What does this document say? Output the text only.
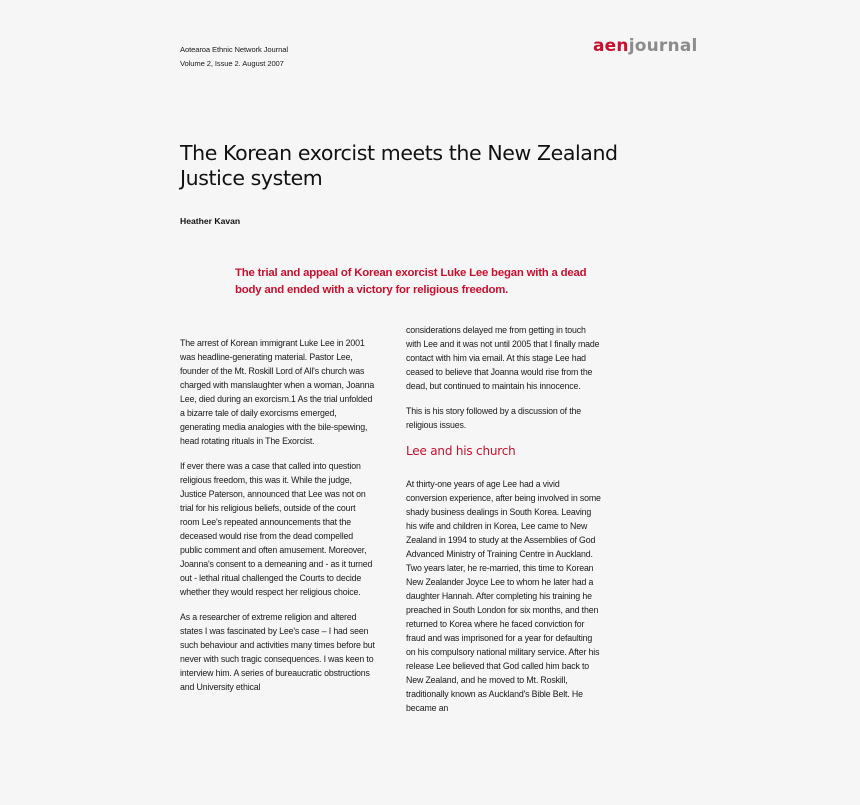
Aotearoa Ethnic Network Journal
Volume 2, Issue 2. August 2007
aenjournal
The Korean exorcist meets the New Zealand Justice system
Heather Kavan

The trial and appeal of Korean exorcist Luke Lee began with a dead body and ended with a victory for religious freedom.

The arrest of Korean immigrant Luke Lee in 2001 was headline-generating material. Pastor Lee, founder of the Mt. Roskill Lord of All's church was charged with manslaughter when a woman, Joanna Lee, died during an exorcism.1 As the trial unfolded a bizarre tale of daily exorcisms emerged, generating media analogies with the bile-spewing, head rotating rituals in The Exorcist.

If ever there was a case that called into question religious freedom, this was it. While the judge, Justice Paterson, announced that Lee was not on trial for his religious beliefs, outside of the court room Lee's repeated announcements that the deceased would rise from the dead compelled public comment and often amusement. Moreover, Joanna's consent to a demeaning and - as it turned out - lethal ritual challenged the Courts to decide whether they would respect her religious choice.

As a researcher of extreme religion and altered states I was fascinated by Lee's case – I had seen such behaviour and activities many times before but never with such tragic consequences. I was keen to interview him. A series of bureaucratic obstructions and University ethical

considerations delayed me from getting in touch with Lee and it was not until 2005 that I finally made contact with him via email. At this stage Lee had ceased to believe that Joanna would rise from the dead, but continued to maintain his innocence.

This is his story followed by a discussion of the religious issues.

Lee and his church

At thirty-one years of age Lee had a vivid conversion experience, after being involved in some shady business dealings in South Korea. Leaving his wife and children in Korea, Lee came to New Zealand in 1994 to study at the Assemblies of God Advanced Ministry of Training Centre in Auckland. Two years later, he re-married, this time to Korean New Zealander Joyce Lee to whom he later had a daughter Hannah. After completing his training he preached in South London for six months, and then returned to Korea where he faced conviction for fraud and was imprisoned for a year for defaulting on his compulsory national military service. After his release Lee believed that God called him back to New Zealand, and he moved to Mt. Roskill, traditionally known as Auckland's Bible Belt. He became an
